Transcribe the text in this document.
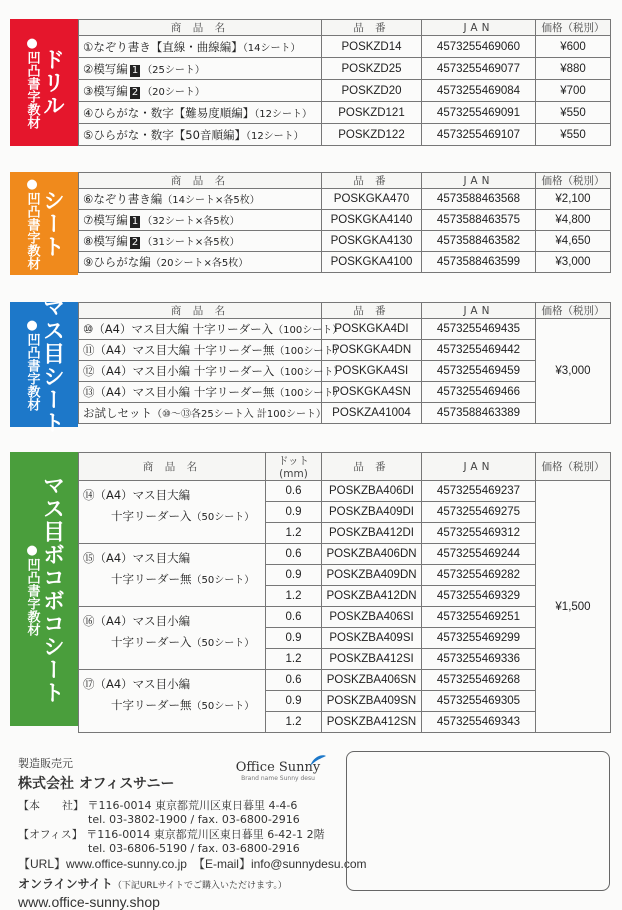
ドリル
●凹凸書字教材
商 品 名	品 番	JAN	価格（税別）
①なぞり書き【直線・曲線編】（14シート）	POSKZD14	4573255469060	¥600
②模写編 1 （25シート）	POSKZD25	4573255469077	¥880
③模写編 2 （20シート）	POSKZD20	4573255469084	¥700
④ひらがな・数字【難易度順編】（12シート）	POSKZD121	4573255469091	¥550
⑤ひらがな・数字【50音順編】（12シート）	POSKZD122	4573255469107	¥550
シート
●凹凸書字教材	商 品 名	品 番	JAN	価格（税別）
⑥なぞり書き編（14シート×各5枚）	POSKGKA470	4573588463568	¥2,100
⑦模写編 1 （32シート×各5枚）	POSKGKA4140	4573588463575	¥4,800
⑧模写編 2 （31シート×各5枚）	POSKGKA4130	4573588463582	¥4,650
⑨ひらがな編（20シート×各5枚）	POSKGKA4100	4573588463599	¥3,000
マス目シート
●凹凸書字教材
商 品 名	品 番	JAN	価格（税別）
⑩（A4）マス目大編 十字リーダー入（100シート）	POSKGKA4DI	4573255469435	¥3,000
⑪（A4）マス目大編 十字リーダー無（100シート）	POSKGKA4DN	4573255469442	
⑫（A4）マス目小編 十字リーダー入（100シート）	POSKGKA4SI	4573255469459	
⑬（A4）マス目小編 十字リーダー無（100シート）	POSKGKA4SN	4573255469466	
お試しセット（⑩〜⑬各25シート入 計100シート）	POSKZA41004	4573588463389	
マス目ボコボコシート
●凹凸書字教材
商 品 名	ドット(mm)	品 番	JAN	価格（税別）

⑭（A4）マス目大編
十字リーダー入（50シート）	0.6	POSKZBA406DI	4573255469237	¥1,500
	0.9	POSKZBA409DI	4573255469275	
	1.2	POSKZBA412DI	4573255469312	

⑮（A4）マス目大編
十字リーダー無（50シート）	0.6	POSKZBA406DN	4573255469244	
	0.9	POSKZBA409DN	4573255469282	
	1.2	POSKZBA412DN	4573255469329	

⑯（A4）マス目小編
十字リーダー入（50シート）	0.6	POSKZBA406SI	4573255469251	
	0.9	POSKZBA409SI	4573255469299	
	1.2	POSKZBA412SI	4573255469336	

⑰（A4）マス目小編
十字リーダー無（50シート）	0.6	POSKZBA406SN	4573255469268	
	0.9	POSKZBA409SN	4573255469305	
	1.2	POSKZBA412SN	4573255469343	
製造販売元
株式会社 オフィスサニー
【本　　社】 〒116-0014 東京都荒川区東日暮里 4-4-6
tel. 03-3802-1900 / fax. 03-6800-2916
【オフィス】 〒116-0014 東京都荒川区東日暮里 6-42-1 2階
tel. 03-6806-5190 / fax. 03-6800-2916
【URL】www.office-sunny.co.jp　【E-mail】info@sunnydesu.com
オンラインサイト（下記URLサイトでご購入いただけます。）
www.office-sunny.shop
Office Sunny
Brand name Sunny desu
